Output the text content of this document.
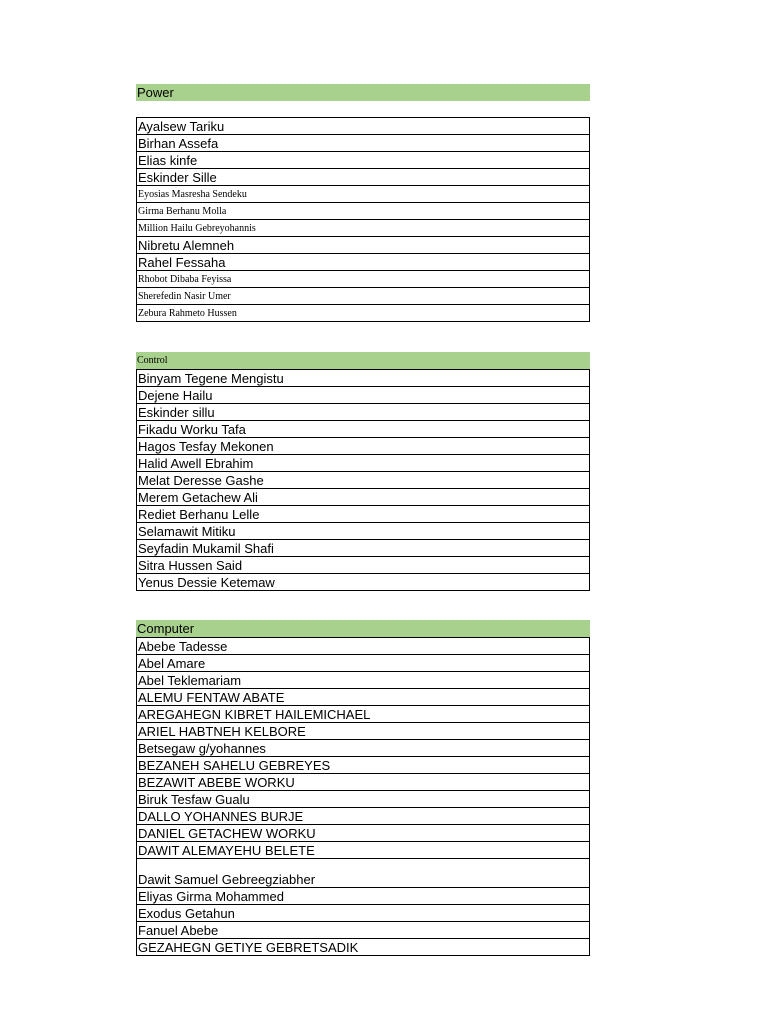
Power
Ayalsew Tariku
Birhan Assefa
Elias kinfe
Eskinder Sille
Eyosias Masresha Sendeku
Girma Berhanu Molla
Million Hailu Gebreyohannis
Nibretu Alemneh
Rahel Fessaha
Rhobot Dibaba Feyissa
Sherefedin Nasir Umer
Zebura Rahmeto Hussen
Control
Binyam Tegene Mengistu
Dejene Hailu
Eskinder sillu
Fikadu Worku Tafa
Hagos Tesfay Mekonen
Halid Awell Ebrahim
Melat Deresse Gashe
Merem Getachew Ali
Rediet Berhanu Lelle
Selamawit Mitiku
Seyfadin Mukamil Shafi
Sitra Hussen Said
Yenus Dessie Ketemaw
Computer
Abebe Tadesse
Abel Amare
Abel Teklemariam
ALEMU FENTAW ABATE
AREGAHEGN KIBRET HAILEMICHAEL
ARIEL HABTNEH KELBORE
Betsegaw g/yohannes
BEZANEH SAHELU GEBREYES
BEZAWIT ABEBE WORKU
Biruk Tesfaw Gualu
DALLO YOHANNES BURJE
DANIEL GETACHEW WORKU
DAWIT ALEMAYEHU BELETE
Dawit Samuel Gebreegziabher
Eliyas Girma Mohammed
Exodus Getahun
Fanuel Abebe
GEZAHEGN GETIYE GEBRETSADIK
